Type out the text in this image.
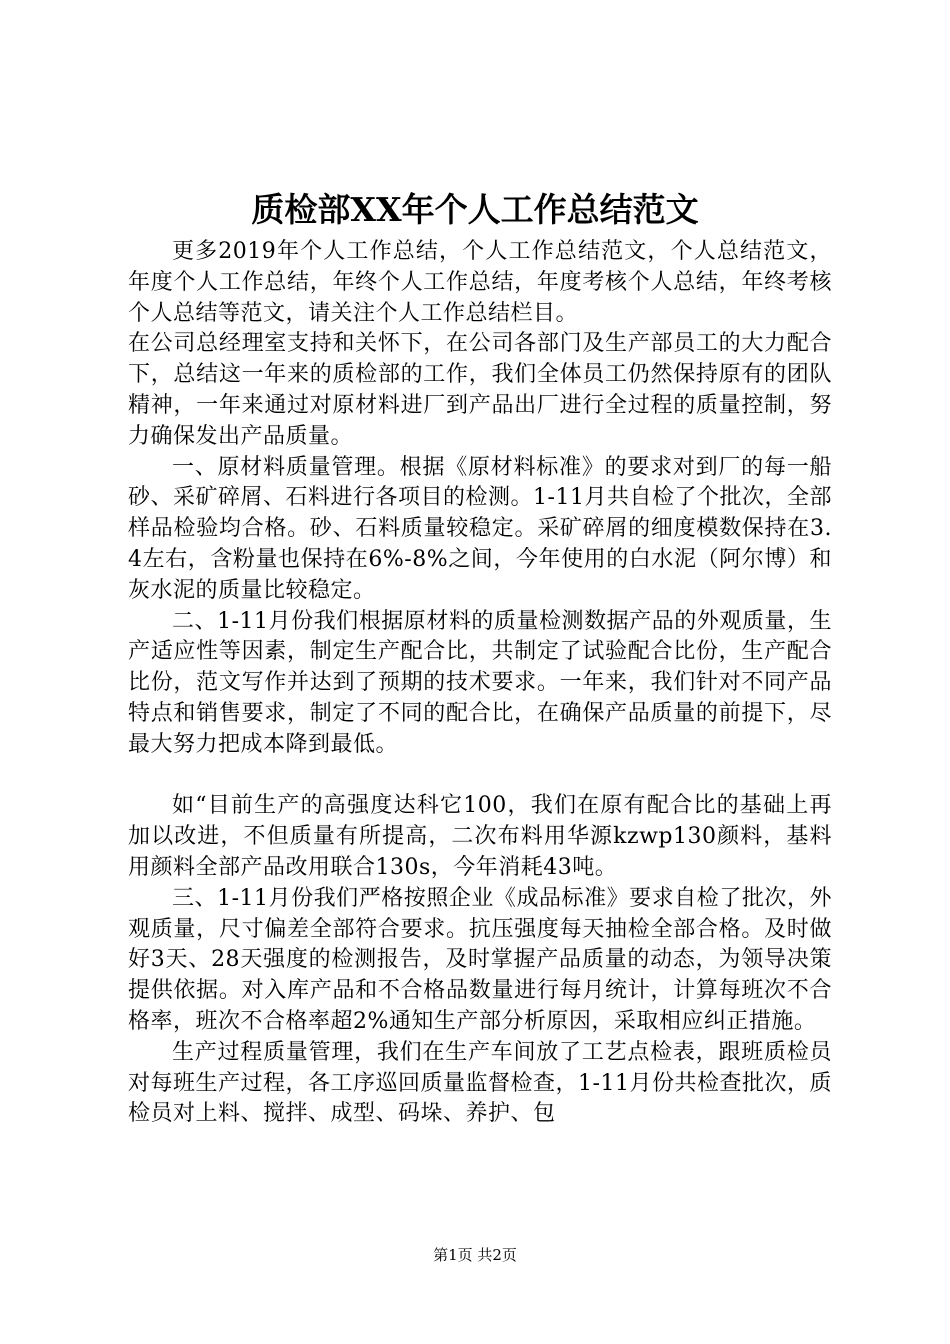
质检部XX年个人工作总结范文

更多2019年个人工作总结，个人工作总结范文，个人总结范文，年度个人工作总结，年终个人工作总结，年度考核个人总结，年终考核个人总结等范文，请关注个人工作总结栏目。

在公司总经理室支持和关怀下，在公司各部门及生产部员工的大力配合下，总结这一年来的质检部的工作，我们全体员工仍然保持原有的团队精神，一年来通过对原材料进厂到产品出厂进行全过程的质量控制，努力确保发出产品质量。

一、原材料质量管理。根据《原材料标准》的要求对到厂的每一船砂、采矿碎屑、石料进行各项目的检测。1-11月共自检了个批次，全部样品检验均合格。砂、石料质量较稳定。采矿碎屑的细度模数保持在3.4左右，含粉量也保持在6%-8%之间，今年使用的白水泥（阿尔博）和灰水泥的质量比较稳定。

二、1-11月份我们根据原材料的质量检测数据产品的外观质量，生产适应性等因素，制定生产配合比，共制定了试验配合比份，生产配合比份，范文写作并达到了预期的技术要求。一年来，我们针对不同产品特点和销售要求，制定了不同的配合比，在确保产品质量的前提下，尽最大努力把成本降到最低。

如“目前生产的高强度达科它100，我们在原有配合比的基础上再加以改进，不但质量有所提高，二次布料用华源kzwp130颜料，基料用颜料全部产品改用联合130s，今年消耗43吨。

三、1-11月份我们严格按照企业《成品标准》要求自检了批次，外观质量，尺寸偏差全部符合要求。抗压强度每天抽检全部合格。及时做好3天、28天强度的检测报告，及时掌握产品质量的动态，为领导决策提供依据。对入库产品和不合格品数量进行每月统计，计算每班次不合格率，班次不合格率超2%通知生产部分析原因，采取相应纠正措施。

生产过程质量管理，我们在生产车间放了工艺点检表，跟班质检员对每班生产过程，各工序巡回质量监督检查，1-11月份共检查批次，质检员对上料、搅拌、成型、码垛、养护、包

第1页 共2页
